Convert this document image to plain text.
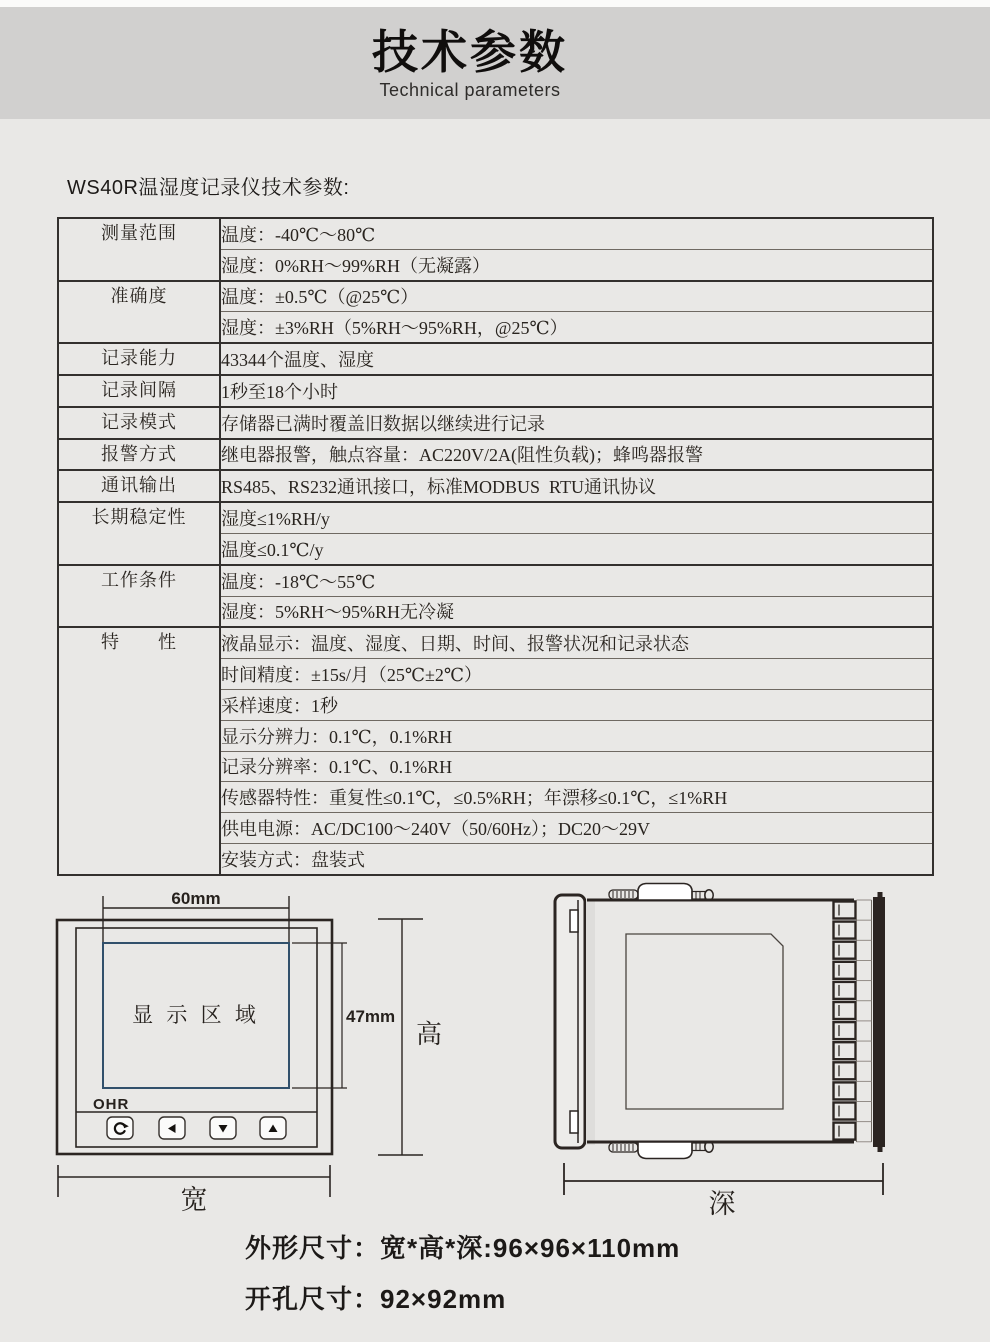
技术参数
Technical parameters
WS40R温湿度记录仪技术参数:
测量范围	温度：-40℃～80℃
	湿度：0%RH～99%RH（无凝露）
准确度	温度：±0.5℃（@25℃）
	湿度：±3%RH（5%RH～95%RH，@25℃）
记录能力	43344个温度、湿度
记录间隔	1秒至18个小时
记录模式	存储器已满时覆盖旧数据以继续进行记录
报警方式	继电器报警，触点容量：AC220V/2A(阻性负载)；蜂鸣器报警
通讯输出	RS485、RS232通讯接口，标准MODBUS  RTU通讯协议
长期稳定性	湿度≤1%RH/y
	温度≤0.1℃/y
工作条件	温度：-18℃～55℃
	湿度：5%RH～95%RH无冷凝
特　　性	液晶显示：温度、湿度、日期、时间、报警状况和记录状态
	时间精度：±15s/月（25℃±2℃）
	采样速度：1秒
	显示分辨力：0.1℃，0.1%RH
	记录分辨率：0.1℃、0.1%RH
	传感器特性：重复性≤0.1℃，≤0.5%RH；年漂移≤0.1℃，≤1%RH
	供电电源：AC/DC100～240V（50/60Hz）；DC20～29V
	安装方式：盘装式
60mm
显 示 区 域
OHR
47mm
高
宽	深
外形尺寸：宽*高*深:96×96×110mm
开孔尺寸：92×92mm
